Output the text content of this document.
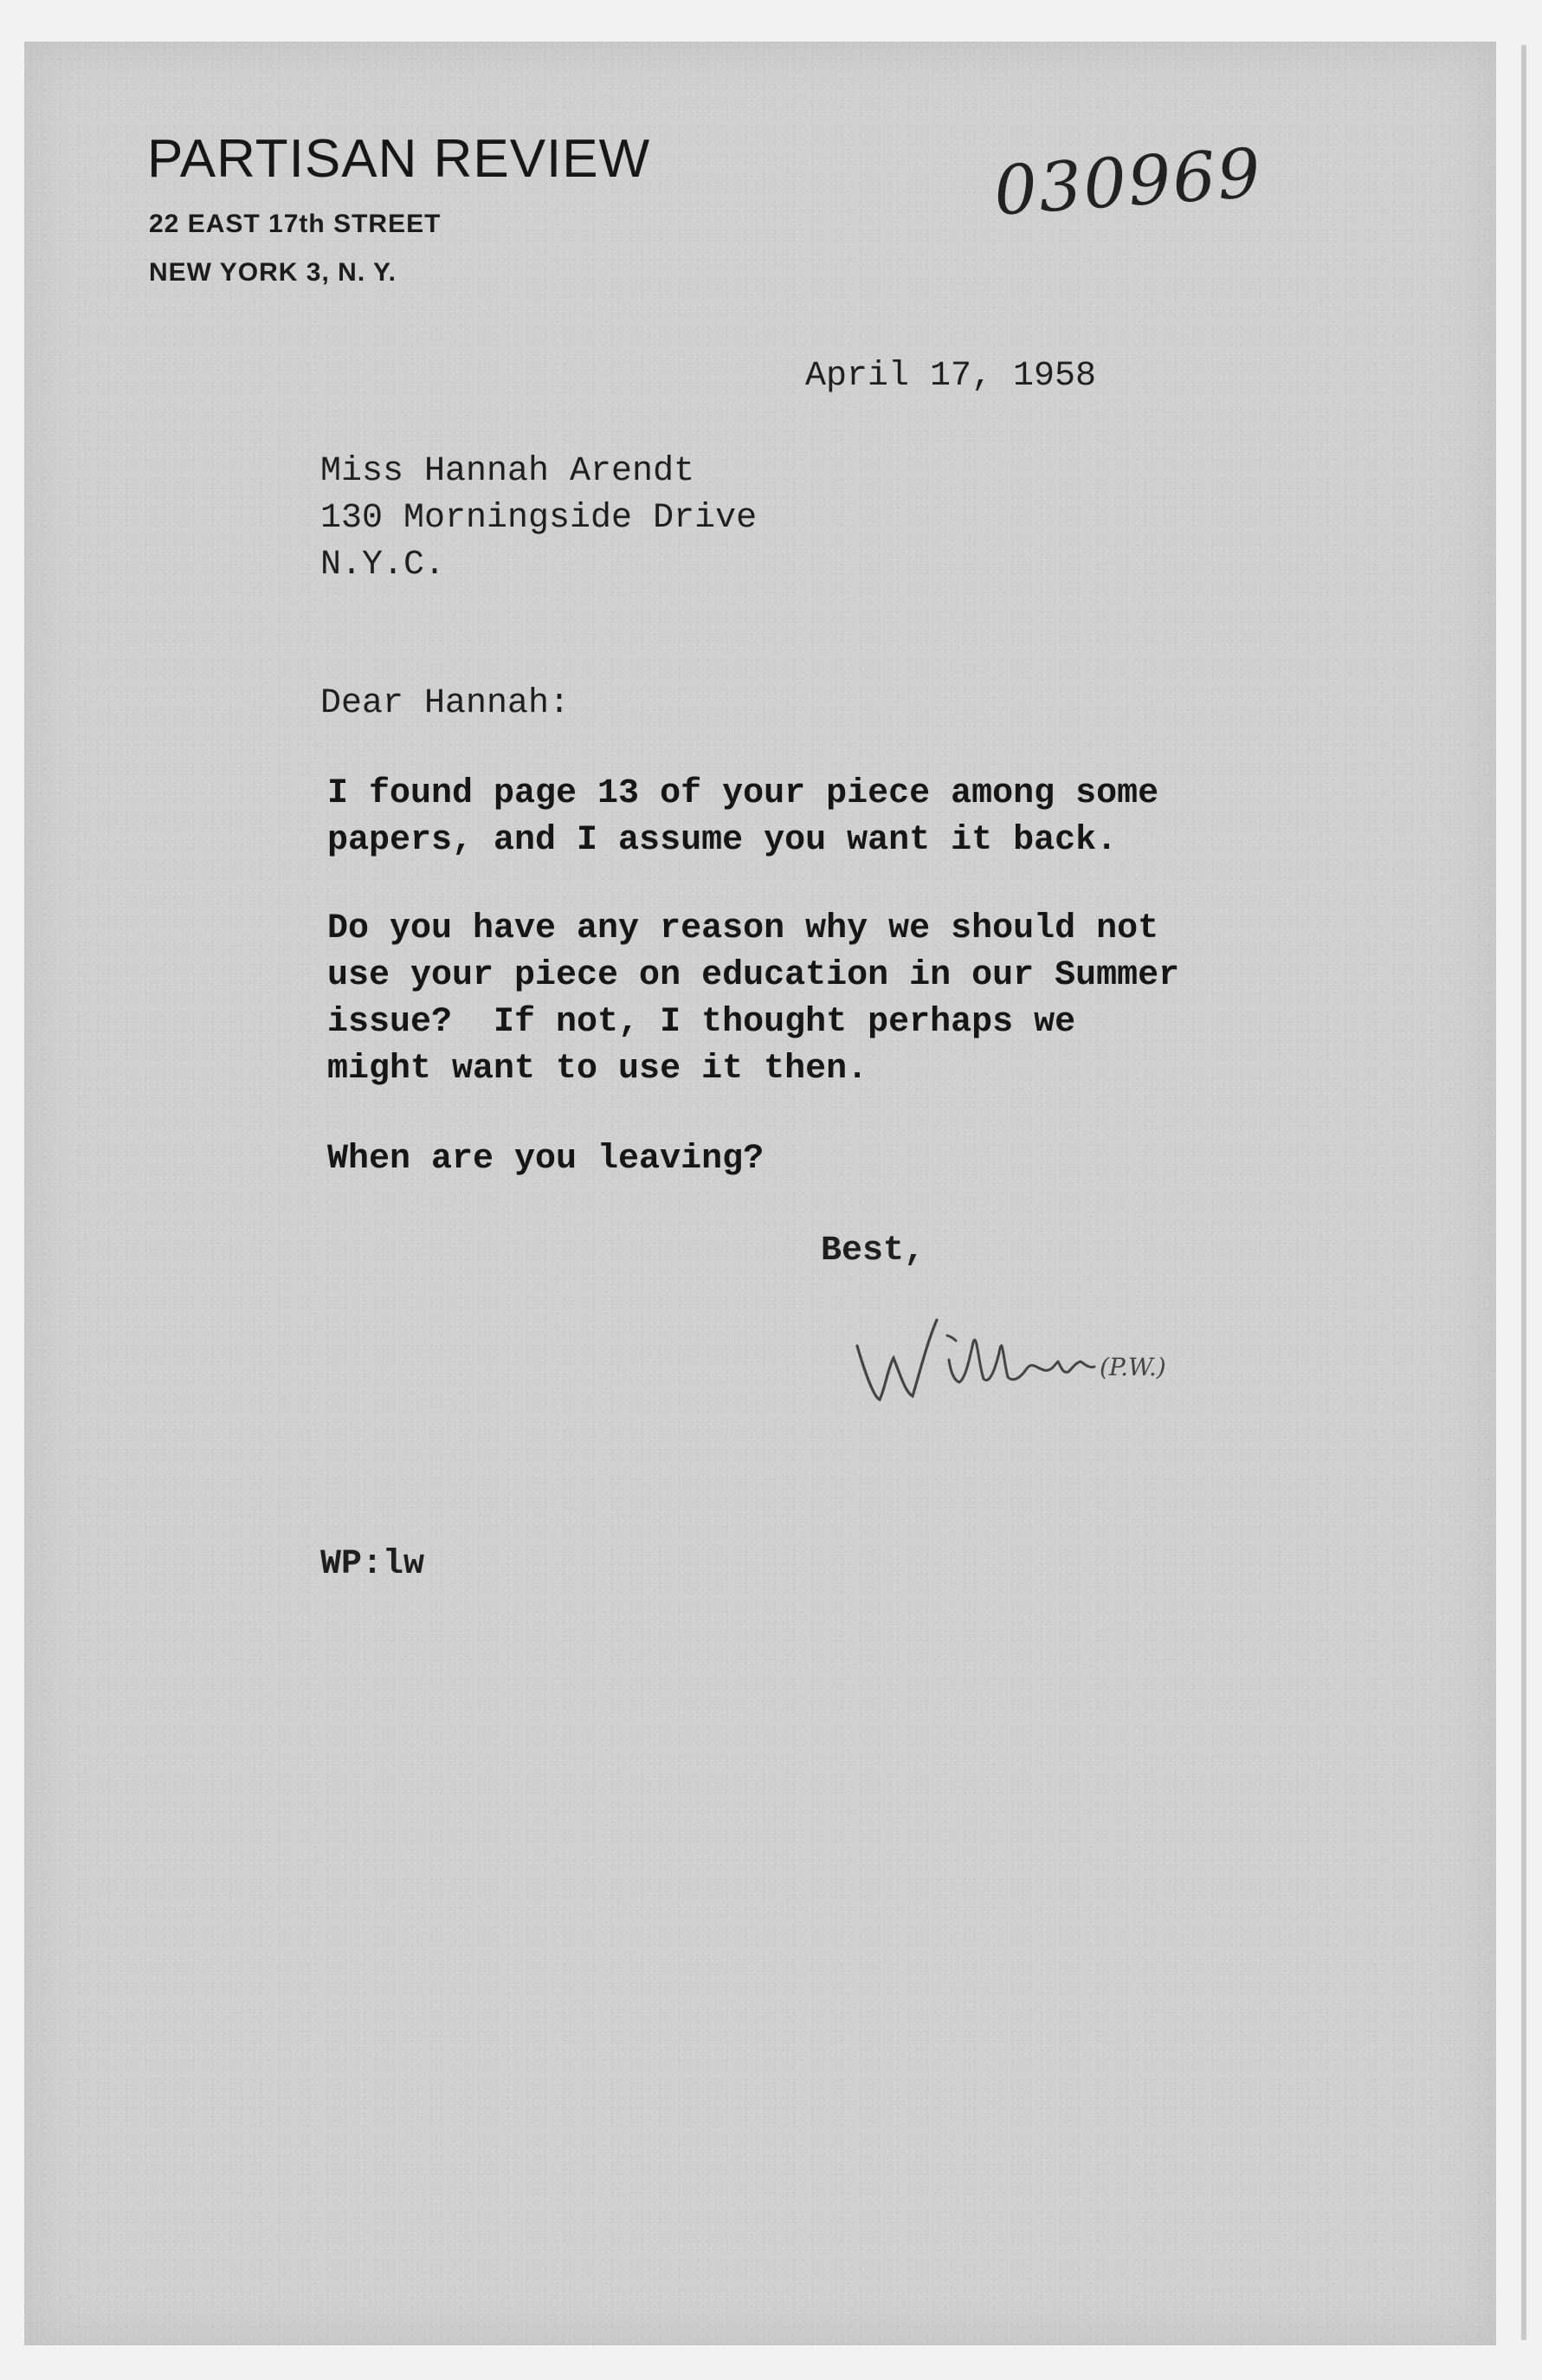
PARTISAN REVIEW
22 EAST 17th STREET
NEW YORK 3, N. Y.
030969
April 17, 1958
Miss Hannah Arendt
130 Morningside Drive
N.Y.C.
Dear Hannah:
I found page 13 of your piece among some
papers, and I assume you want it back.
Do you have any reason why we should not
use your piece on education in our Summer
issue?  If not, I thought perhaps we
might want to use it then.
When are you leaving?
Best,
(P.W.)
WP:lw
